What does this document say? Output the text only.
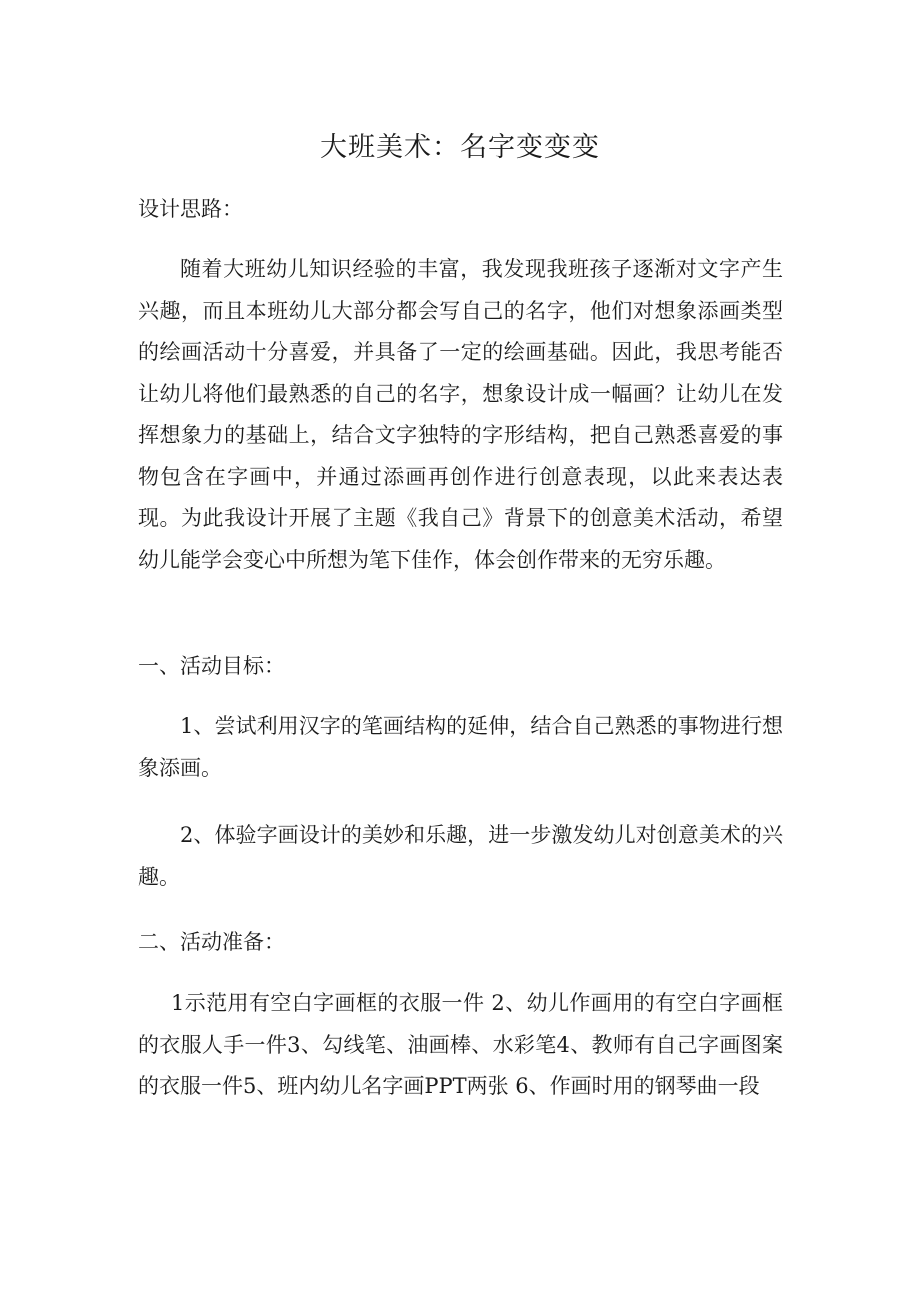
大班美术：名字变变变
设计思路：
随着大班幼儿知识经验的丰富，我发现我班孩子逐渐对文字产生兴趣，而且本班幼儿大部分都会写自己的名字，他们对想象添画类型的绘画活动十分喜爱，并具备了一定的绘画基础。因此，我思考能否让幼儿将他们最熟悉的自己的名字，想象设计成一幅画？让幼儿在发挥想象力的基础上，结合文字独特的字形结构，把自己熟悉喜爱的事物包含在字画中，并通过添画再创作进行创意表现，以此来表达表现。为此我设计开展了主题《我自己》背景下的创意美术活动，希望幼儿能学会变心中所想为笔下佳作，体会创作带来的无穷乐趣。
一、活动目标：
1、尝试利用汉字的笔画结构的延伸，结合自己熟悉的事物进行想象添画。
2、体验字画设计的美妙和乐趣，进一步激发幼儿对创意美术的兴趣。
二、活动准备：
1示范用有空白字画框的衣服一件 2、幼儿作画用的有空白字画框的衣服人手一件3、勾线笔、油画棒、水彩笔4、教师有自己字画图案的衣服一件5、班内幼儿名字画PPT两张 6、作画时用的钢琴曲一段
